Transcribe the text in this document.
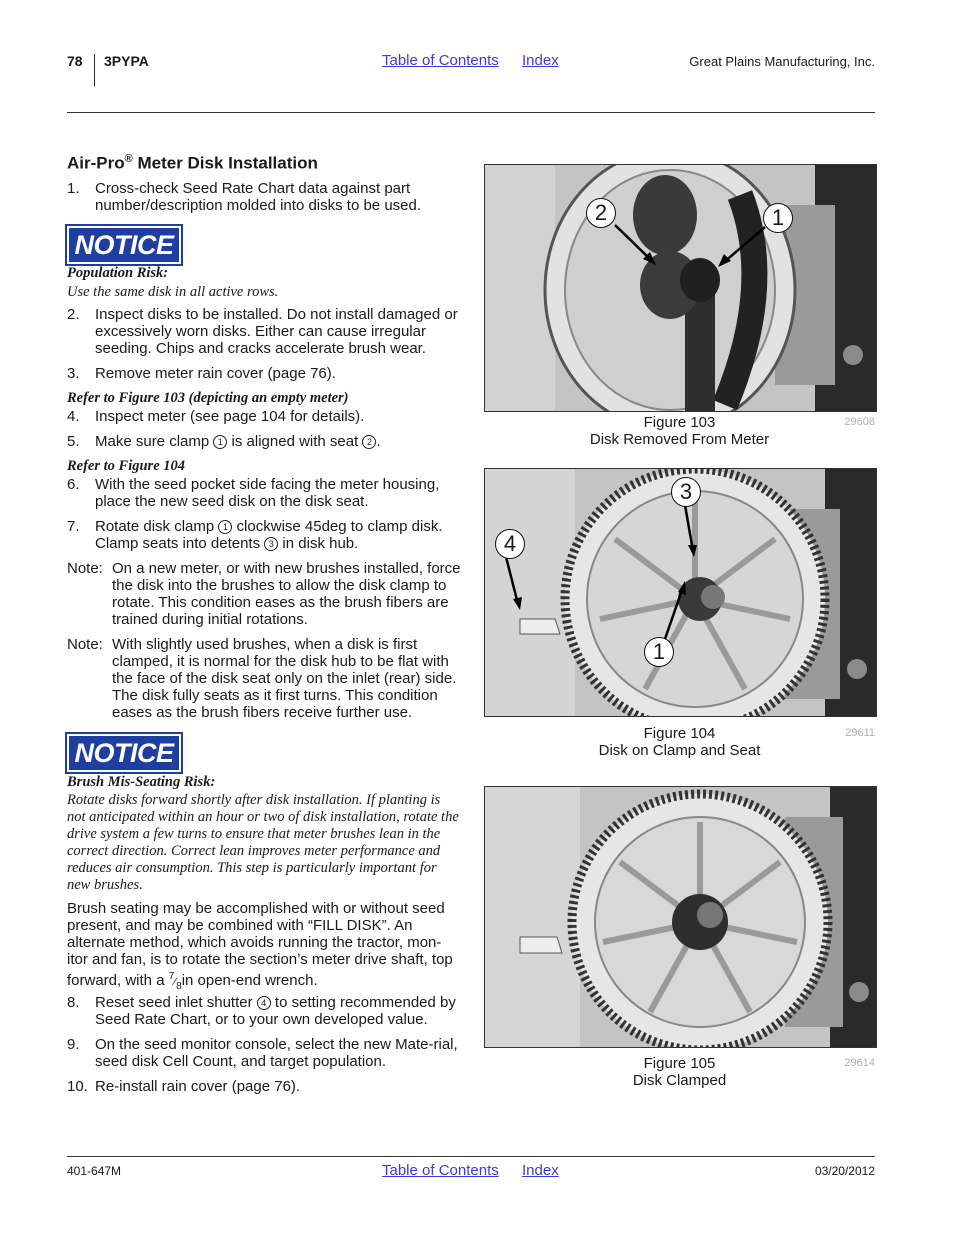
78 3PYPA	Table of Contents Index	Great Plains Manufacturing, Inc.
Air-Pro® Meter Disk Installation
1. Cross-check Seed Rate Chart data against part number/description molded into disks to be used.
NOTICE
Population Risk:
Use the same disk in all active rows.
2. Inspect disks to be installed. Do not install damaged or excessively worn disks. Either can cause irregular seeding. Chips and cracks accelerate brush wear.
3. Remove meter rain cover (page 76).
Refer to Figure 103 (depicting an empty meter)
4. Inspect meter (see page 104 for details).
5. Make sure clamp 1 is aligned with seat 2 .
Refer to Figure 104
6. With the seed pocket side facing the meter housing, place the new seed disk on the disk seat.
7. Rotate disk clamp 1 clockwise 45deg to clamp disk. Clamp seats into detents 3 in disk hub.
Note: On a new meter, or with new brushes installed, force the disk into the brushes to allow the disk clamp to rotate. This condition eases as the brush fibers are trained during initial rotations.
Note: With slightly used brushes, when a disk is first clamped, it is normal for the disk hub to be flat with the face of the disk seat only on the inlet (rear) side. The disk fully seats as it first turns. This condition eases as the brush fibers receive further use.
NOTICE
Brush Mis-Seating Risk:
Rotate disks forward shortly after disk installation. If planting is not anticipated within an hour or two of disk installation, rotate the drive system a few turns to ensure that meter brushes lean in the correct direction. Correct lean improves meter performance and reduces air consumption. This step is particularly important for new brushes.
Brush seating may be accomplished with or without seed present, and may be combined with “FILL DISK”. An alternate method, which avoids running the tractor, mon-itor and fan, is to rotate the section’s meter drive shaft, top forward, with a $^7⁄_8in$ open-end wrench.
8. Reset seed inlet shutter 4 to setting recommended by Seed Rate Chart, or to your own developed value.
9. On the seed monitor console, select the new Mate-rial, seed disk Cell Count, and target population.
10. Re-install rain cover (page 76).
2	1
Figure 103
Disk Removed From Meter
29608
3
4
1
Figure 104
Disk on Clamp and Seat
29611
Figure 105
Disk Clamped
29614
401-647M	Table of Contents Index	03/20/2012
